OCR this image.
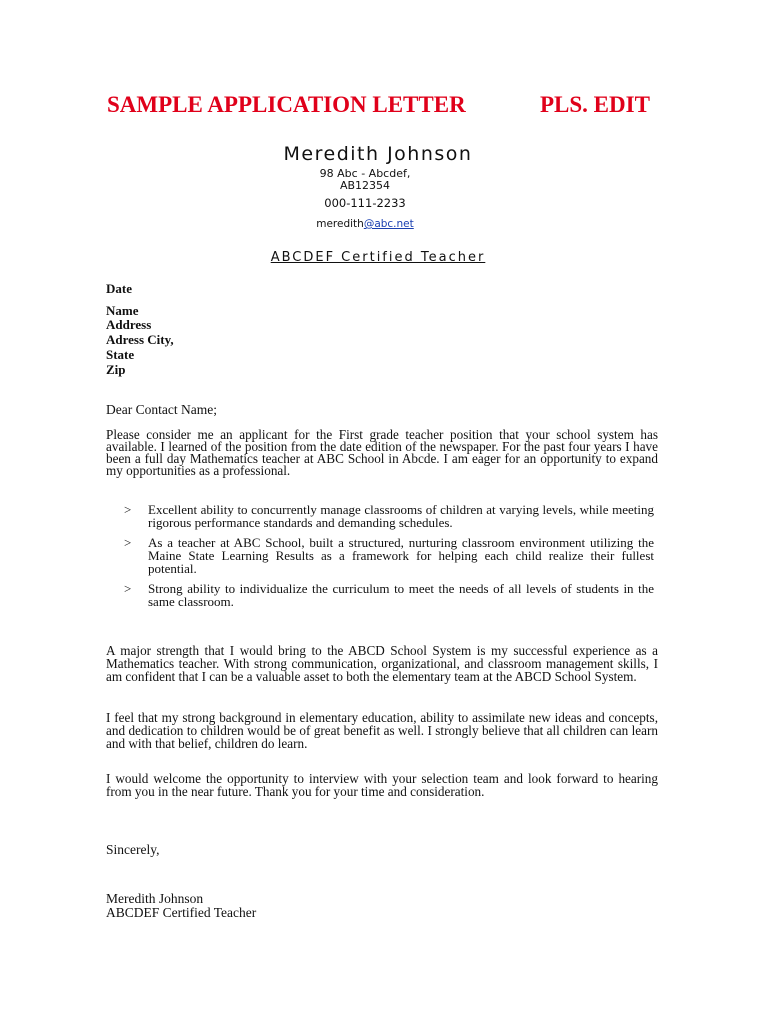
SAMPLE APPLICATION LETTER	PLS. EDIT
Meredith Johnson
98 Abc - Abcdef,
AB12354
000-111-2233
meredith@abc.net
ABCDEF Certified Teacher
Date
Name
Address
Adress City,
State
Zip
Dear Contact Name;
Please consider me an applicant for the First grade teacher position that your school system has available. I learned of the position from the date edition of the newspaper. For the past four years I have been a full day Mathematics teacher at ABC School in Abcde. I am eager for an opportunity to expand my opportunities as a professional.
> Excellent ability to concurrently manage classrooms of children at varying levels, while meeting rigorous performance standards and demanding schedules.
> As a teacher at ABC School, built a structured, nurturing classroom environment utilizing the Maine State Learning Results as a framework for helping each child realize their fullest potential.
> Strong ability to individualize the curriculum to meet the needs of all levels of students in the same classroom.
A major strength that I would bring to the ABCD School System is my successful experience as a Mathematics teacher. With strong communication, organizational, and classroom management skills, I am confident that I can be a valuable asset to both the elementary team at the ABCD School System.
I feel that my strong background in elementary education, ability to assimilate new ideas and concepts, and dedication to children would be of great benefit as well. I strongly believe that all children can learn and with that belief, children do learn.
I would welcome the opportunity to interview with your selection team and look forward to hearing from you in the near future. Thank you for your time and consideration.
Sincerely,
Meredith Johnson
ABCDEF Certified Teacher
